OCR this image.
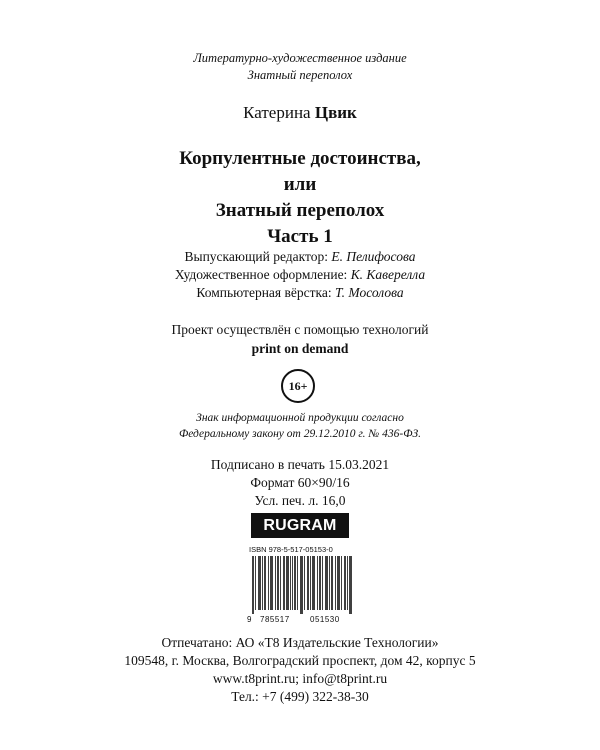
Литературно-художественное издание
Знатный переполох
Катерина Цвик
Корпулентные достоинства,
или
Знатный переполох
Часть 1
Выпускающий редактор: Е. Пелифосова
Художественное оформление: К. Каверелла
Компьютерная вёрстка: Т. Мосолова
Проект осуществлён с помощью технологий
print on demand
16+
Знак информационной продукции согласно
Федеральному закону от 29.12.2010 г. № 436-ФЗ.
Подписано в печать 15.03.2021
Формат 60×90/16
Усл. печ. л. 16,0
RUGRAM
ISBN 978-5-517-05153-0
9 785517	051530
Отпечатано: АО «Т8 Издательские Технологии»
109548, г. Москва, Волгоградский проспект, дом 42, корпус 5
www.t8print.ru; info@t8print.ru
Тел.: +7 (499) 322-38-30
